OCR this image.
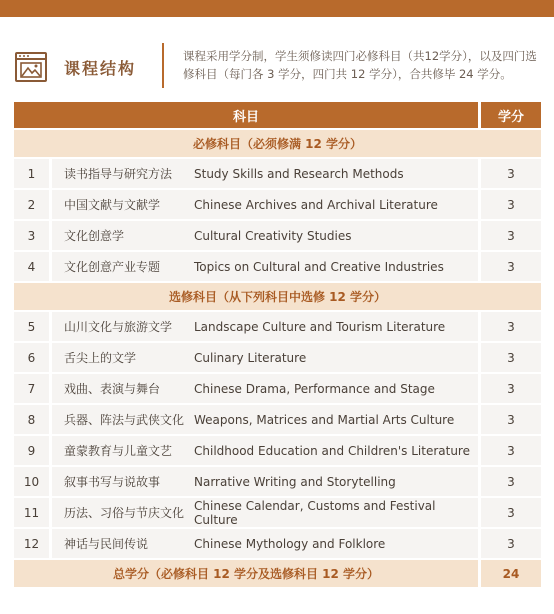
课程结构
课程采用学分制，学生须修读四门必修科目（共12学分），以及四门选修科目（每门各 3 学分，四门共 12 学分），合共修毕 24 学分。
科目			学分
必修科目（必须修满 12 学分）			
1	读书指导与研究方法	Study Skills and Research Methods	3
2	中国文献与文献学	Chinese Archives and Archival Literature	3
3	文化创意学	Cultural Creativity Studies	3
4	文化创意产业专题	Topics on Cultural and Creative Industries	3
选修科目（从下列科目中选修 12 学分）			
5	山川文化与旅游文学	Landscape Culture and Tourism Literature	3
6	舌尖上的文学	Culinary Literature	3
7	戏曲、表演与舞台	Chinese Drama, Performance and Stage	3
8	兵器、阵法与武侠文化	Weapons, Matrices and Martial Arts Culture	3
9	童蒙教育与儿童文艺	Childhood Education and Children's Literature	3
10	叙事书写与说故事	Narrative Writing and Storytelling	3
11	历法、习俗与节庆文化	Chinese Calendar, Customs and Festival Culture	3
12	神话与民间传说	Chinese Mythology and Folklore	3
总学分（必修科目 12 学分及选修科目 12 学分）			24
